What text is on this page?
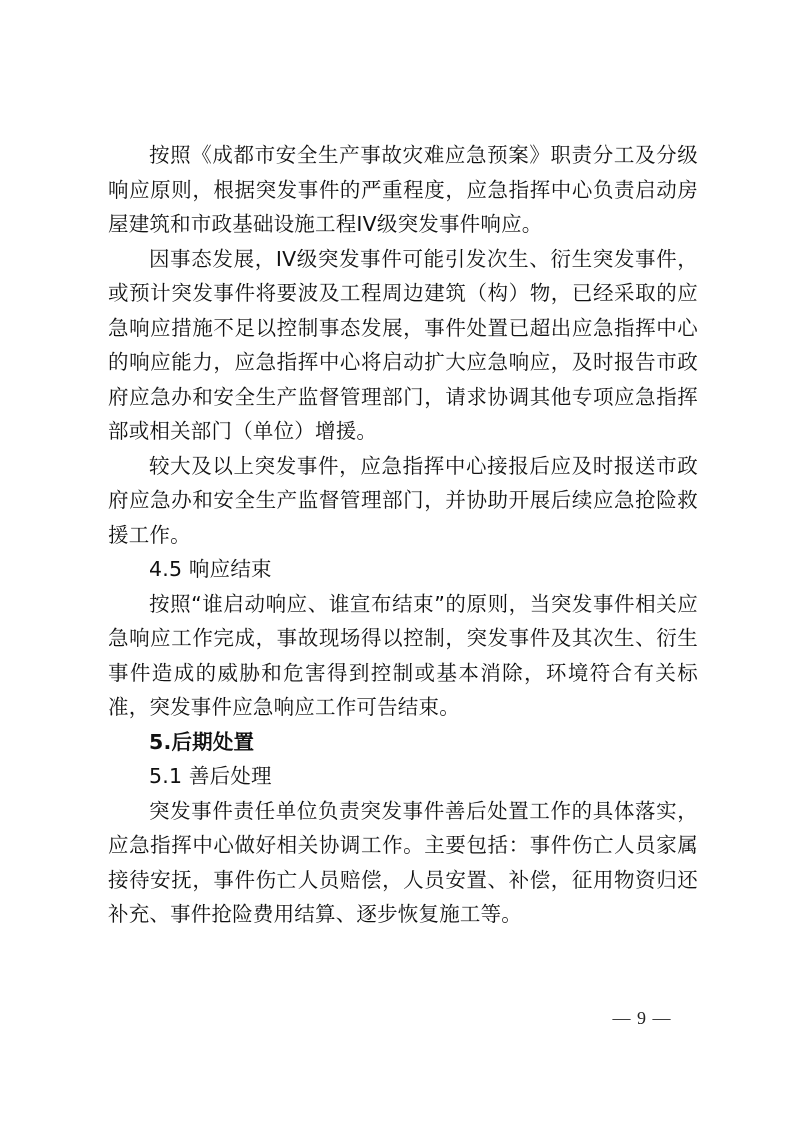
按照《成都市安全生产事故灾难应急预案》职责分工及分级响应原则，根据突发事件的严重程度，应急指挥中心负责启动房屋建筑和市政基础设施工程IV级突发事件响应。

因事态发展，IV级突发事件可能引发次生、衍生突发事件，或预计突发事件将要波及工程周边建筑（构）物，已经采取的应急响应措施不足以控制事态发展，事件处置已超出应急指挥中心的响应能力，应急指挥中心将启动扩大应急响应，及时报告市政府应急办和安全生产监督管理部门，请求协调其他专项应急指挥部或相关部门（单位）增援。

较大及以上突发事件，应急指挥中心接报后应及时报送市政府应急办和安全生产监督管理部门，并协助开展后续应急抢险救援工作。

4.5 响应结束

按照“谁启动响应、谁宣布结束”的原则，当突发事件相关应急响应工作完成，事故现场得以控制，突发事件及其次生、衍生事件造成的威胁和危害得到控制或基本消除，环境符合有关标准，突发事件应急响应工作可告结束。

5.后期处置

5.1 善后处理

突发事件责任单位负责突发事件善后处置工作的具体落实，应急指挥中心做好相关协调工作。主要包括：事件伤亡人员家属接待安抚，事件伤亡人员赔偿，人员安置、补偿，征用物资归还补充、事件抢险费用结算、逐步恢复施工等。

— 9 —
